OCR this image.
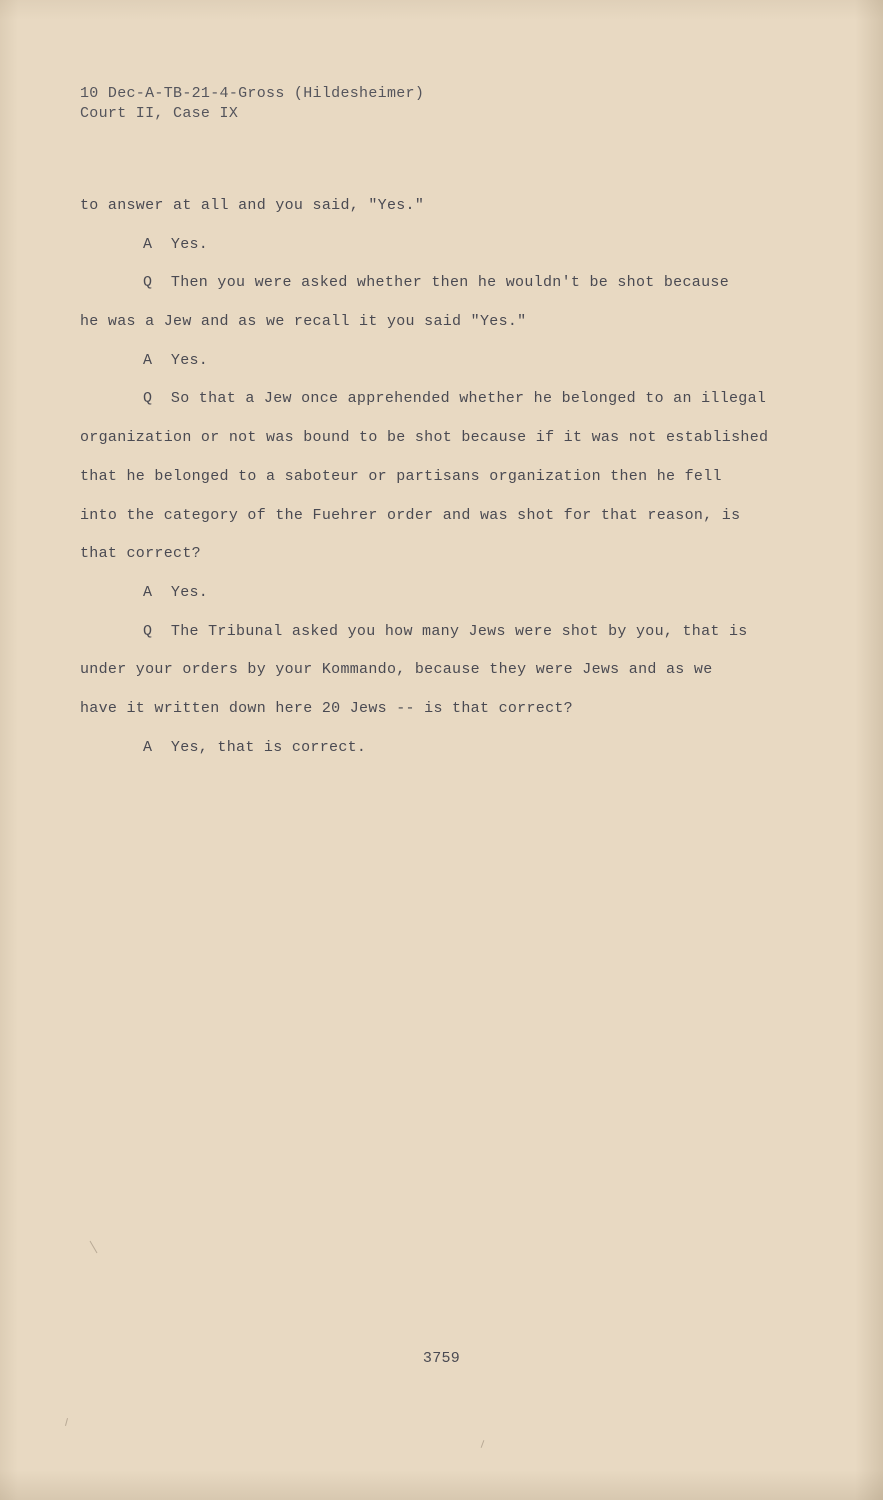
10 Dec-A-TB-21-4-Gross (Hildesheimer)
Court II, Case IX
to answer at all and you said, "Yes."
A  Yes.
Q  Then you were asked whether then he wouldn't be shot because
he was a Jew and as we recall it you said "Yes."
A  Yes.
Q  So that a Jew once apprehended whether he belonged to an illegal
organization or not was bound to be shot because if it was not established
that he belonged to a saboteur or partisans organization then he fell
into the category of the Fuehrer order and was shot for that reason, is
that correct?
A  Yes.
Q  The Tribunal asked you how many Jews were shot by you, that is
under your orders by your Kommando, because they were Jews and as we
have it written down here 20 Jews -- is that correct?
A  Yes, that is correct.
3759
